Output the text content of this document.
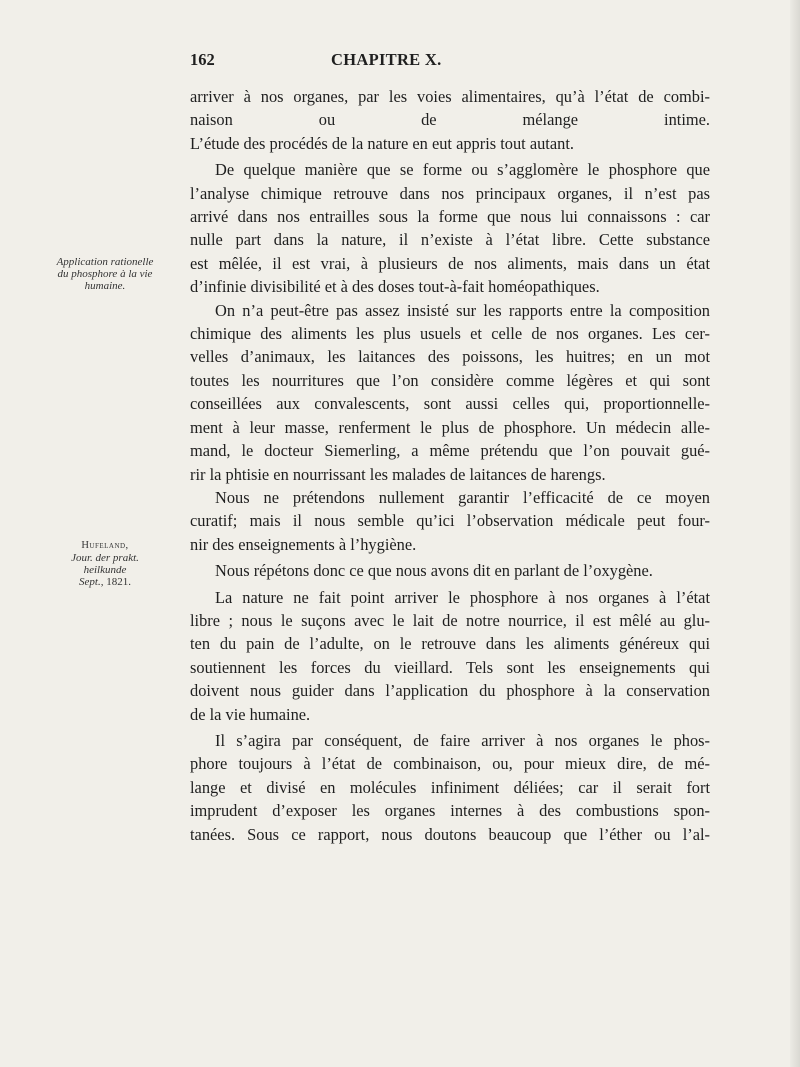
162	CHAPITRE X.
Application rationelle
du phosphore à la vie
humaine.
Hufeland,
Jour. der prakt.
heilkunde
Sept., 1821.
arriver à nos organes, par les voies alimentaires, qu’à l’état de combi-
naison ou de mélange intime.
L’étude des procédés de la nature en eut appris tout autant.
De quelque manière que se forme ou s’agglomère le phosphore que
l’analyse chimique retrouve dans nos principaux organes, il n’est pas
arrivé dans nos entrailles sous la forme que nous lui connaissons : car
nulle part dans la nature, il n’existe à l’état libre. Cette substance
est mêlée, il est vrai, à plusieurs de nos aliments, mais dans un état
d’infinie divisibilité et à des doses tout-à-fait homéopathiques.
On n’a peut-être pas assez insisté sur les rapports entre la composition
chimique des aliments les plus usuels et celle de nos organes. Les cer-
velles d’animaux, les laitances des poissons, les huitres; en un mot
toutes les nourritures que l’on considère comme légères et qui sont
conseillées aux convalescents, sont aussi celles qui, proportionnelle-
ment à leur masse, renferment le plus de phosphore. Un médecin alle-
mand, le docteur Siemerling, a même prétendu que l’on pouvait gué-
rir la phtisie en nourrissant les malades de laitances de harengs.
Nous ne prétendons nullement garantir l’efficacité de ce moyen
curatif; mais il nous semble qu’ici l’observation médicale peut four-
nir des enseignements à l’hygiène.
Nous répétons donc ce que nous avons dit en parlant de l’oxygène.
La nature ne fait point arriver le phosphore à nos organes à l’état
libre ; nous le suçons avec le lait de notre nourrice, il est mêlé au glu-
ten du pain de l’adulte, on le retrouve dans les aliments généreux qui
soutiennent les forces du vieillard. Tels sont les enseignements qui
doivent nous guider dans l’application du phosphore à la conservation
de la vie humaine.
Il s’agira par conséquent, de faire arriver à nos organes le phos-
phore toujours à l’état de combinaison, ou, pour mieux dire, de mé-
lange et divisé en molécules infiniment déliées; car il serait fort
imprudent d’exposer les organes internes à des combustions spon-
tanées. Sous ce rapport, nous doutons beaucoup que l’éther ou l’al-
